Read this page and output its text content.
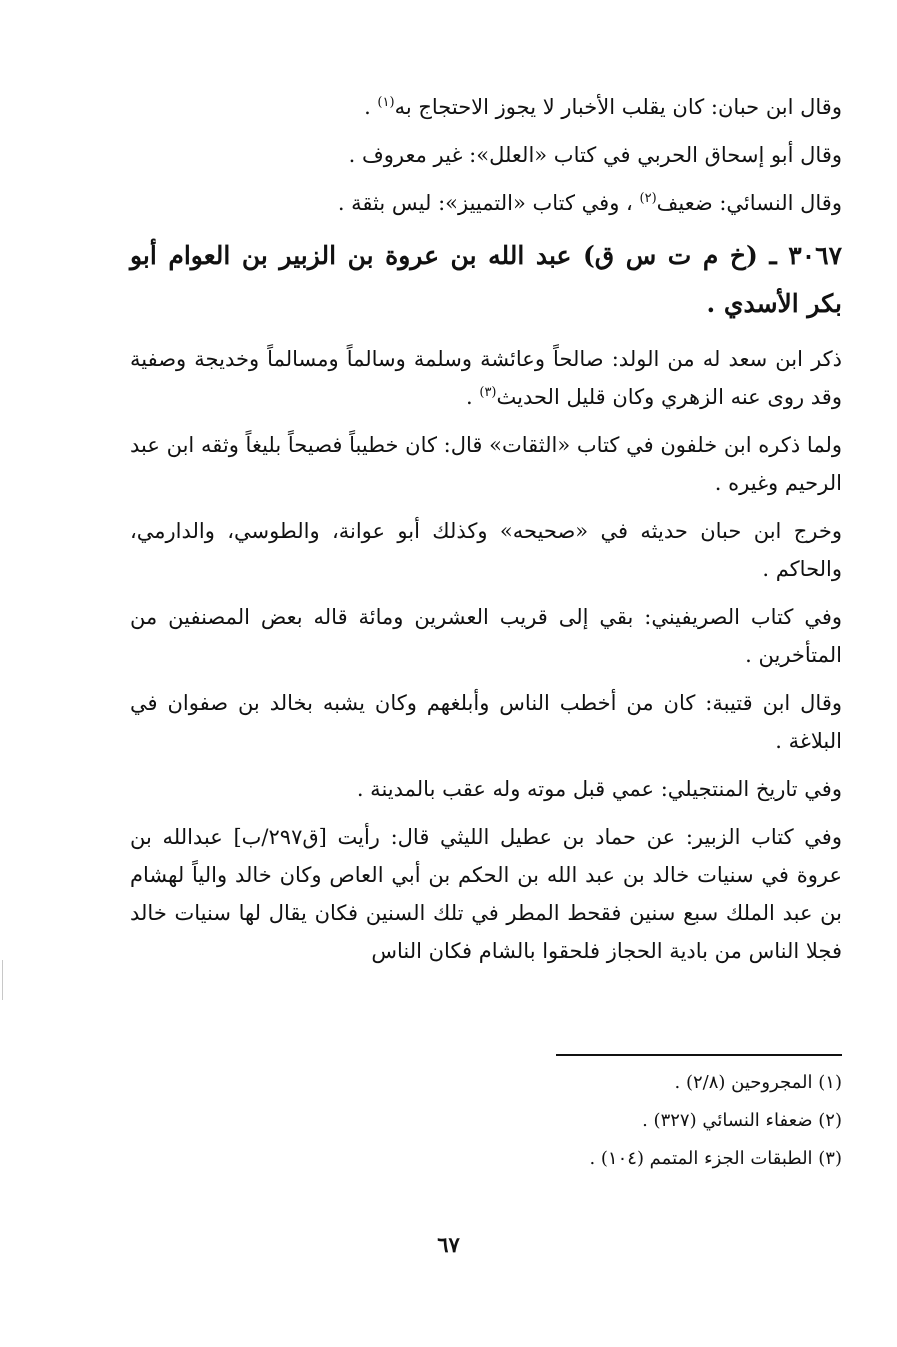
وقال ابن حبان: كان يقلب الأخبار لا يجوز الاحتجاج به$^{(١)}$ .

وقال أبو إسحاق الحربي في كتاب «العلل»: غير معروف .

وقال النسائي: ضعيف$^{(٢)}$ ، وفي كتاب «التمييز»: ليس بثقة .

٣٠٦٧ ـ (خ م ت س ق) عبد الله بن عروة بن الزبير بن العوام أبو بكر الأسدي .

ذكر ابن سعد له من الولد: صالحاً وعائشة وسلمة وسالماً ومسالماً وخديجة وصفية وقد روى عنه الزهري وكان قليل الحديث$^{(٣)}$ .

ولما ذكره ابن خلفون في كتاب «الثقات» قال: كان خطيباً فصيحاً بليغاً وثقه ابن عبد الرحيم وغيره .

وخرج ابن حبان حديثه في «صحيحه» وكذلك أبو عوانة، والطوسي، والدارمي، والحاكم .

وفي كتاب الصريفيني: بقي إلى قريب العشرين ومائة قاله بعض المصنفين من المتأخرين .

وقال ابن قتيبة: كان من أخطب الناس وأبلغهم وكان يشبه بخالد بن صفوان في البلاغة .

وفي تاريخ المنتجيلي: عمي قبل موته وله عقب بالمدينة .

وفي كتاب الزبير: عن حماد بن عطيل الليثي قال: رأيت [ق٢٩٧/ب] عبدالله بن عروة في سنيات خالد بن عبد الله بن الحكم بن أبي العاص وكان خالد والياً لهشام بن عبد الملك سبع سنين فقحط المطر في تلك السنين فكان يقال لها سنيات خالد فجلا الناس من بادية الحجاز فلحقوا بالشام فكان الناس

(١) المجروحين (٢/٨) .

(٢) ضعفاء النسائي (٣٢٧) .

(٣) الطبقات الجزء المتمم (١٠٤) .

٦٧
